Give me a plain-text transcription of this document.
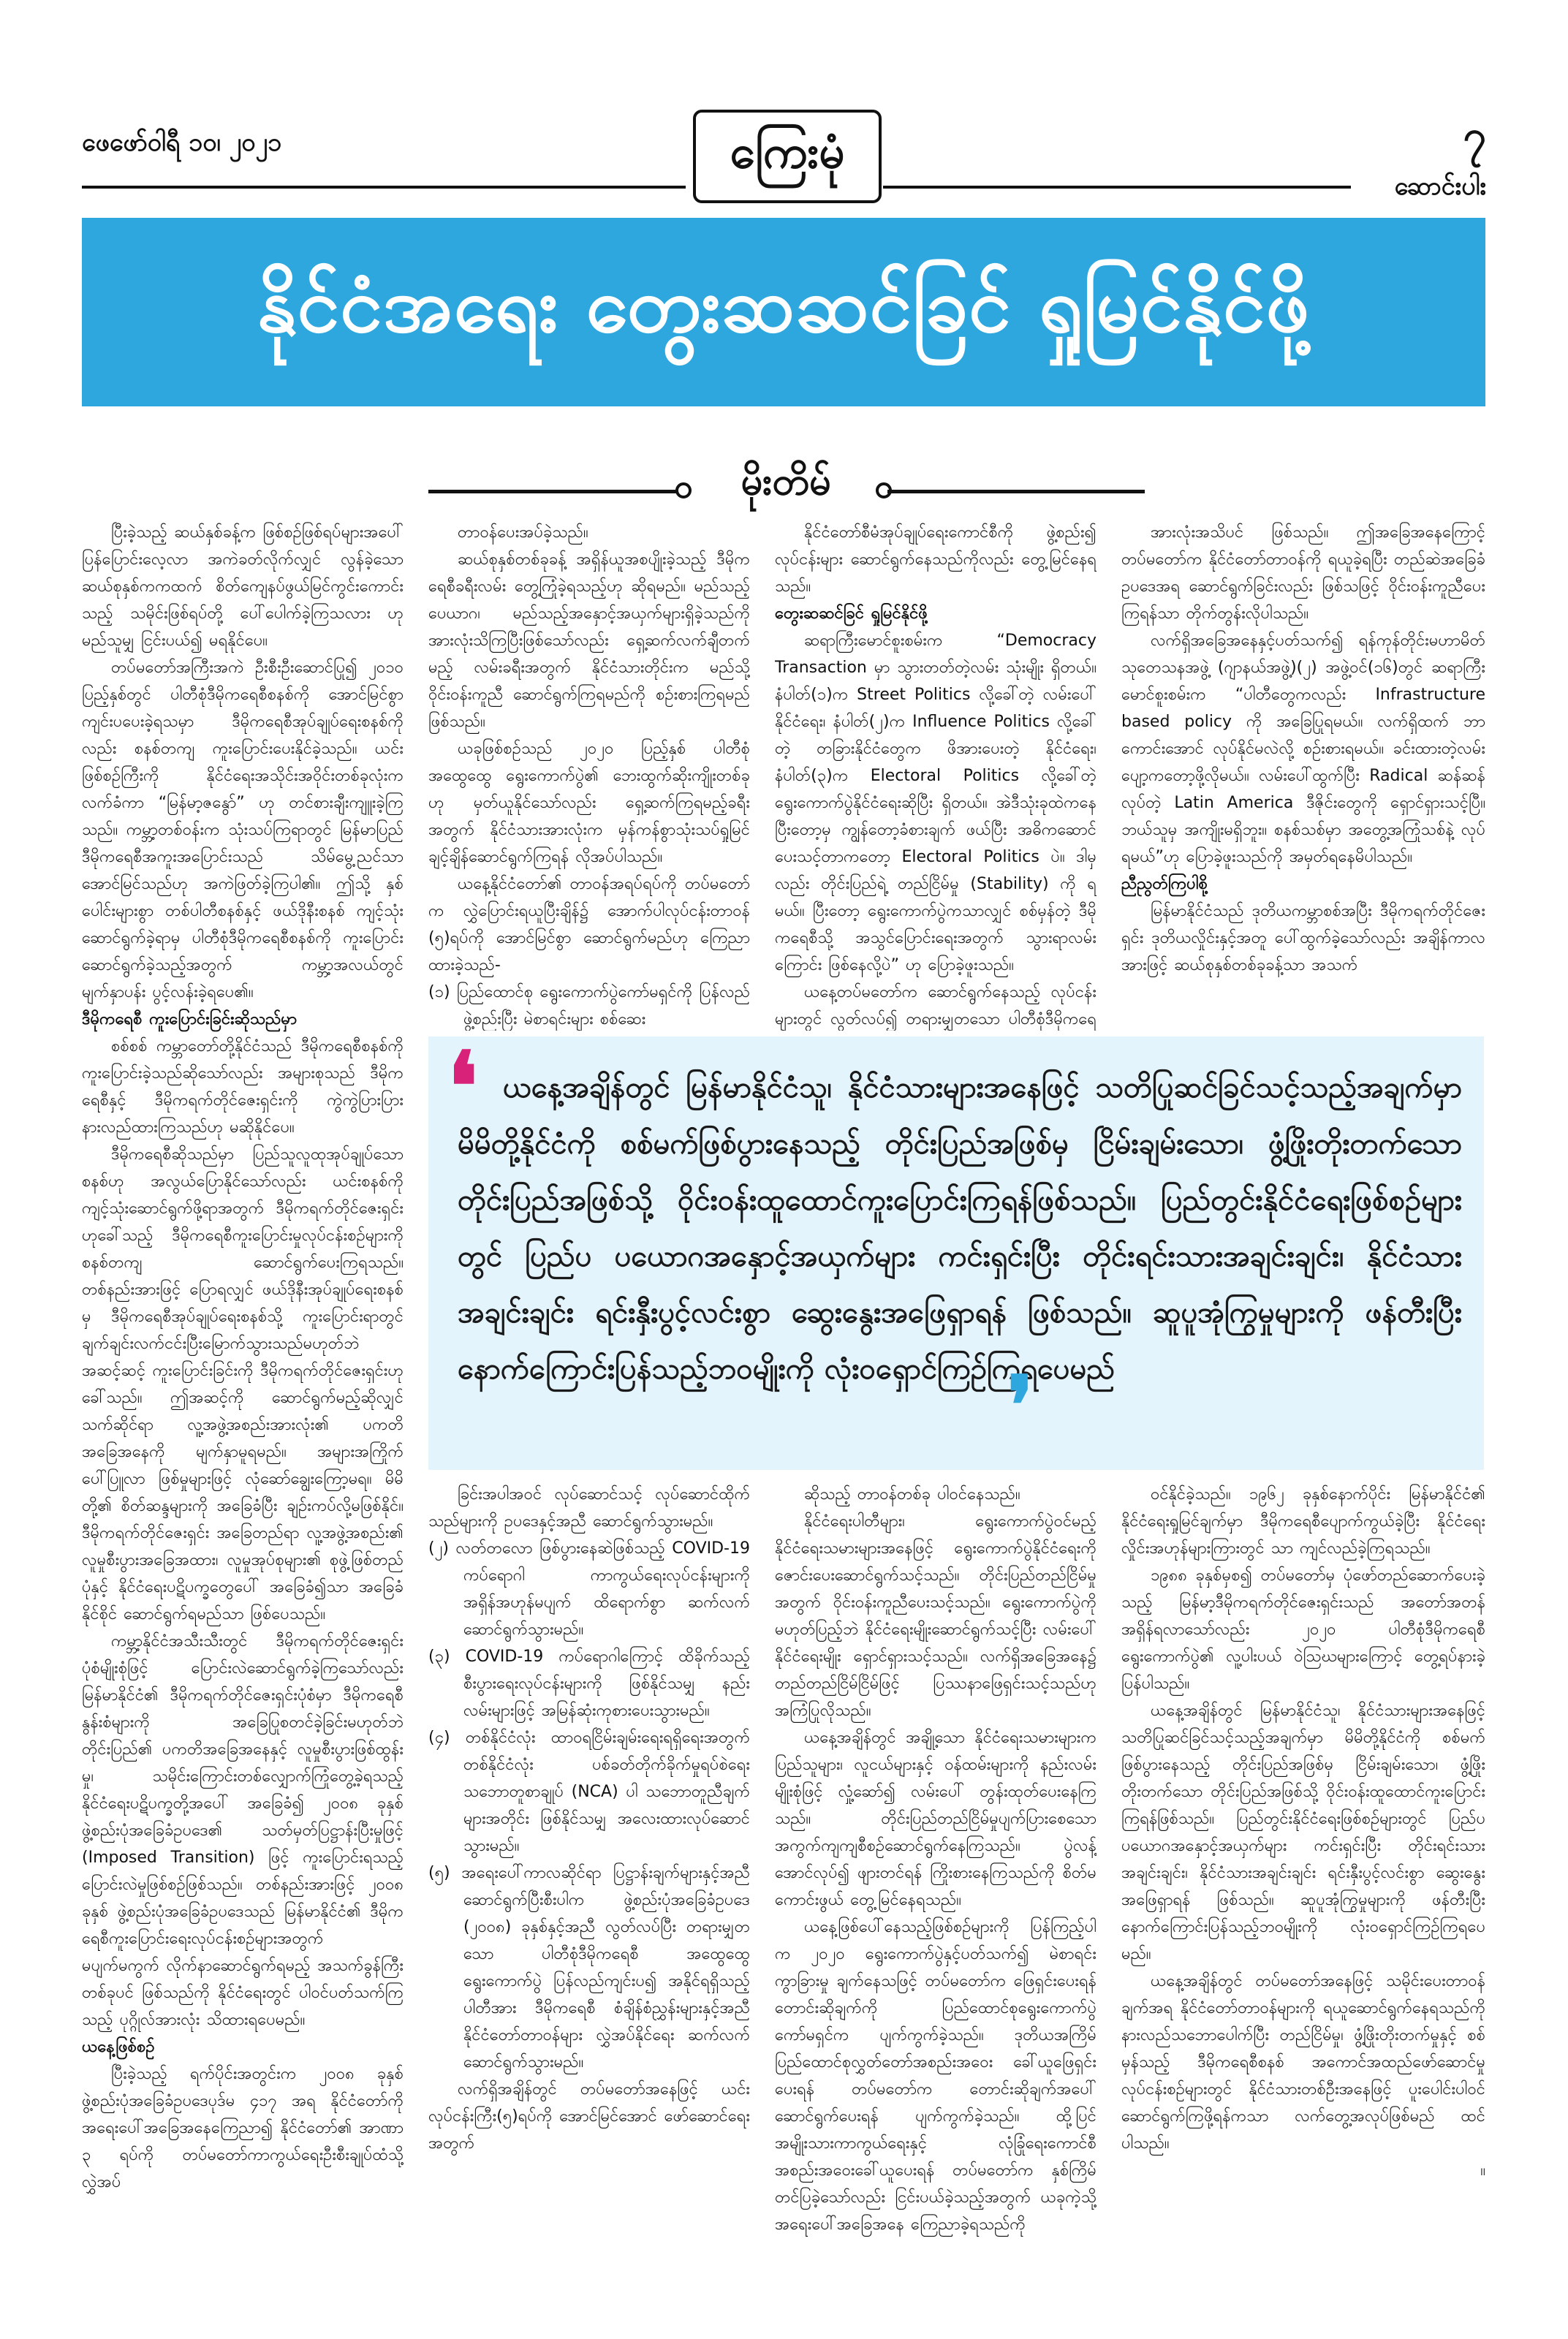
ဖေဖော်ဝါရီ ၁၀၊ ၂၀၂၁	ကြေးမုံ	၇
ဆောင်းပါး
နိုင်ငံအရေး တွေးဆဆင်ခြင် ရှုမြင်နိုင်ဖို့
မိုးတိမ်

ပြီးခဲ့သည့် ဆယ်နှစ်ခန့်က ဖြစ်စဉ်ဖြစ်ရပ်များအပေါ် ပြန်ပြောင်းလေ့လာ အကဲခတ်လိုက်လျှင် လွန်ခဲ့သော ဆယ်စုနှစ်ကကထက် စိတ်ကျေနပ်ဖွယ်မြင်ကွင်းကောင်းသည့် သမိုင်းဖြစ်ရပ်တို့ ပေါ်ပေါက်ခဲ့ကြသလား ဟု မည်သူမျှ ငြင်းပယ်၍ မရနိုင်ပေ။

တပ်မတော်အကြီးအကဲ ဦးစီးဦးဆောင်ပြု၍ ၂၀၁၀ ပြည့်နှစ်တွင် ပါတီစုံဒီမိုကရေစီစနစ်ကို အောင်မြင်စွာ ကျင်းပပေးခဲ့ရသမှာ ဒီမိုကရေစီအုပ်ချုပ်ရေးစနစ်ကိုလည်း စနစ်တကျ ကူးပြောင်းပေးနိုင်ခဲ့သည်။ ယင်းဖြစ်စဉ်ကြီးကို နိုင်ငံရေးအသိုင်းအဝိုင်းတစ်ခုလုံးက လက်ခံကာ “မြန်မာ့ဇနွော်” ဟု တင်စားချီးကျူးခဲ့ကြသည်။ ကမ္ဘာ့တစ်ဝန်းက သုံးသပ်ကြရာတွင် မြန်မာပြည် ဒီမိုကရေစီအကူးအပြောင်းသည် သိမ်မွေ့ညင်သာ အောင်မြင်သည်ဟု အကဲဖြတ်ခဲ့ကြပါ၏။ ဤသို့ နှစ်ပေါင်းများစွာ တစ်ပါတီစနစ်နှင့် ဖယ်ဒိုနီးစနစ် ကျင့်သုံးဆောင်ရွက်ခဲ့ရာမှ ပါတီစုံဒီမိုကရေစီစနစ်ကို ကူးပြောင်းဆောင်ရွက်ခဲ့သည့်အတွက် ကမ္ဘာ့အလယ်တွင် မျက်နှာပန်း ပွင့်လန်းခဲ့ရပေ၏။

ဒီမိုကရေစီ ကူးပြောင်းခြင်းဆိုသည်မှာ

စစ်စစ် ကမ္ဘာတော်တို့နိုင်ငံသည် ဒီမိုကရေစီစနစ်ကို ကူးပြောင်းခဲ့သည်ဆိုသော်လည်း အများစုသည် ဒီမိုကရေစီနှင့် ဒီမိုကရက်တိုင်ဇေးရှင်းကို ကွဲကွဲပြားပြား နားလည်ထားကြသည်ဟု မဆိုနိုင်ပေ။

ဒီမိုကရေစီဆိုသည်မှာ ပြည်သူလူထုအုပ်ချုပ်သော စနစ်ဟု အလွယ်ပြောနိုင်သော်လည်း ယင်းစနစ်ကို ကျင့်သုံးဆောင်ရွက်ဖို့ရာအတွက် ဒီမိုကရက်တိုင်ဇေးရှင်းဟုခေါ်သည့် ဒီမိုကရေစီကူးပြောင်းမှုလုပ်ငန်းစဉ်များကို စနစ်တကျ ဆောင်ရွက်ပေးကြရသည်။ တစ်နည်းအားဖြင့် ပြောရလျှင် ဖယ်ဒိုနီးအုပ်ချုပ်ရေးစနစ်မှ ဒီမိုကရေစီအုပ်ချုပ်ရေးစနစ်သို့ ကူးပြောင်းရာတွင် ချက်ချင်းလက်ငင်းပြီးမြောက်သွားသည်မဟုတ်ဘဲ အဆင့်ဆင့် ကူးပြောင်းခြင်းကို ဒီမိုကရက်တိုင်ဇေးရှင်းဟု ခေါ်သည်။ ဤအဆင့်ကို ဆောင်ရွက်မည့်ဆိုလျှင် သက်ဆိုင်ရာ လူ့အဖွဲ့အစည်းအားလုံး၏ ပကတိအခြေအနေကို မျက်နှာမူရမည်။ အများအကြိုက် ပေါ်ပြူလာ ဖြစ်မှုများဖြင့် လုံဆော်ချွေးကြော့မရ။ မိမိတို့၏ စိတ်ဆန္ဒများကို အခြေခံပြီး ချဉ်းကပ်လို့မဖြစ်နိုင်။ ဒီမိုကရက်တိုင်ဇေးရှင်း အခြေတည်ရာ လူ့အဖွဲ့အစည်း၏ လူမှုစီးပွားအခြေအထား၊ လူမှုအုပ်စုများ၏ စုဖွဲ့ဖြစ်တည်ပုံနှင့် နိုင်ငံရေးပဋိပက္ခတွေပေါ် အခြေခံ၍သာ အခြေခံနိုင်စိုင် ဆောင်ရွက်ရမည်သာ ဖြစ်ပေသည်။

ကမ္ဘာ့နိုင်ငံအသီးသီးတွင် ဒီမိုကရက်တိုင်ဇေးရှင်း ပုံစံမျိုးစုံဖြင့် ပြောင်းလဲဆောင်ရွက်ခဲ့ကြသော်လည်း မြန်မာနိုင်ငံ၏ ဒီမိုကရက်တိုင်ဇေးရှင်းပုံစံမှာ ဒီမိုကရေစီ နွန်းစံများကို အခြေပြုစတင်ခဲ့ခြင်းမဟုတ်ဘဲ တိုင်းပြည်၏ ပကတိအခြေအနေနှင့် လူမှုစီးပွားဖြစ်ထွန်းမှု၊ သမိုင်းကြောင်းတစ်လျှောက်ကြုံတွေ့ခဲ့ရသည့် နိုင်ငံရေးပဋိပက္ခတို့အပေါ် အခြေခံ၍ ၂၀၀၈ ခုနှစ် ဖွဲ့စည်းပုံအခြေခံဥပဒေ၏ သတ်မှတ်ပြဋ္ဌာန်းပြီးမှုဖြင့် (Imposed Transition) ဖြင့် ကူးပြောင်းရသည့်ပြောင်းလဲမှုဖြစ်စဉ်ဖြစ်သည်။ တစ်နည်းအားဖြင့် ၂၀၀၈ ခုနှစ် ဖွဲ့စည်းပုံအခြေခံဥပဒေသည် မြန်မာနိုင်ငံ၏ ဒီမိုကရေစီကူးပြောင်းရေးလုပ်ငန်းစဉ်များအတွက် မပျက်မကွက် လိုက်နာဆောင်ရွက်ရမည့် အသက်ခွန်ကြီးတစ်ခုပင် ဖြစ်သည်ကို နိုင်ငံရေးတွင် ပါဝင်ပတ်သက်ကြသည့် ပုဂ္ဂိုလ်အားလုံး သိထားရပေမည်။

ယနေ့ဖြစ်စဉ်

ပြီးခဲ့သည့် ရက်ပိုင်းအတွင်းက ၂၀၀၈ ခုနှစ် ဖွဲ့စည်းပုံအခြေခံဥပဒေပုဒ်မ ၄၁၇ အရ နိုင်ငံတော်ကို အရေးပေါ်အခြေအနေကြေညာ၍ နိုင်ငံတော်၏ အာဏာ ၃ ရပ်ကို တပ်မတော်ကာကွယ်ရေးဦးစီးချုပ်ထံသို့ လွှဲအပ်

တာဝန်ပေးအပ်ခဲ့သည်။

ဆယ်စုနှစ်တစ်ခုခန့် အရှိန်ယူအစပျိုးခဲ့သည့် ဒီမိုကရေစီခရီးလမ်း တွေ့ကြုံခဲ့ရသည့်ဟု ဆိုရမည်။ မည်သည့်ပေယာဂ၊ မည်သည့်အနှောင့်အယှက်များရှိခဲ့သည်ကို အားလုံးသိကြပြီးဖြစ်သော်လည်း ရှေ့ဆက်လက်ချီတက်မည့် လမ်းခရီးအတွက် နိုင်ငံသားတိုင်းက မည်သို့ ဝိုင်းဝန်းကူညီ ဆောင်ရွက်ကြရမည်ကို စဉ်းစားကြရမည် ဖြစ်သည်။

ယခုဖြစ်စဉ်သည် ၂၀၂၀ ပြည့်နှစ် ပါတီစုံအထွေထွေ ရွေးကောက်ပွဲ၏ ဘေးထွက်ဆိုးကျိုးတစ်ခုဟု မှတ်ယူနိုင်သော်လည်း ရှေ့ဆက်ကြရမည့်ခရီးအတွက် နိုင်ငံသားအားလုံးက မှန်ကန်စွာသုံးသပ်ရှုမြင် ချင့်ချိန်ဆောင်ရွက်ကြရန် လိုအပ်ပါသည်။

ယနေ့နိုင်ငံတော်၏ တာဝန်အရပ်ရပ်ကို တပ်မတော်က လွှဲပြောင်းရယူပြီးချိန်၌ အောက်ပါလုပ်ငန်းတာဝန် (၅)ရပ်ကို အောင်မြင်စွာ ဆောင်ရွက်မည်ဟု ကြေညာထားခဲ့သည်-

(၁) ပြည်ထောင်စု ရွေးကောက်ပွဲကော်မရှင်ကို ပြန်လည်ဖွဲ့စည်းပြီး မဲစာရင်းများ စစ်ဆေး

နိုင်ငံတော်စီမံအုပ်ချုပ်ရေးကောင်စီကို ဖွဲ့စည်း၍ လုပ်ငန်းများ ဆောင်ရွက်နေသည်ကိုလည်း တွေ့မြင်နေရသည်။

တွေးဆဆင်ခြင် ရှုမြင်နိုင်ဖို့

ဆရာကြီးမောင်စူးစမ်းက “Democracy Transaction မှာ သွားတတ်တဲ့လမ်း သုံးမျိုး ရှိတယ်။ နံပါတ်(၁)က Street Politics လို့ခေါ်တဲ့ လမ်းပေါ်နိုင်ငံရေး၊ နံပါတ်(၂)က Influence Politics လို့ခေါ်တဲ့ တခြားနိုင်ငံတွေက ဖိအားပေးတဲ့ နိုင်ငံရေး၊ နံပါတ်(၃)က Electoral Politics လို့ခေါ်တဲ့ ရွေးကောက်ပွဲနိုင်ငံရေးဆိုပြီး ရှိတယ်။ အဲဒီသုံးခုထဲကနေပြီးတော့မှ ကျွန်တော့ခံစားချက် ဖယ်ပြီး အဓိကဆောင်ပေးသင့်တာကတော့ Electoral Politics ပဲ။ ဒါမှလည်း တိုင်းပြည်ရဲ့ တည်ငြိမ်မှု (Stability) ကို ရမယ်။ ပြီးတော့ ရွေးကောက်ပွဲကသာလျှင် စစ်မှန်တဲ့ ဒီမိုကရေစီသို့ အသွင်ပြောင်းရေးအတွက် သွားရာလမ်းကြောင်း ဖြစ်နေလို့ပဲ” ဟု ပြောခဲ့ဖူးသည်။

ယနေ့တပ်မတော်က ဆောင်ရွက်နေသည့် လုပ်ငန်းများတွင် လွတ်လပ်၍ တရားမျှတသော ပါတီစုံဒီမိုကရေ

အားလုံးအသိပင် ဖြစ်သည်။ ဤအခြေအနေကြောင့် တပ်မတော်က နိုင်ငံတော်တာဝန်ကို ရယူခဲ့ရပြီး တည်ဆဲအခြေခံဥပဒေအရ ဆောင်ရွက်ခြင်းလည်း ဖြစ်သဖြင့် ဝိုင်းဝန်းကူညီပေးကြရန်သာ တိုက်တွန်းလိုပါသည်။

လက်ရှိအခြေအနေနှင့်ပတ်သက်၍ ရန်ကုန်တိုင်းမဟာမိတ်သုတေသနအဖွဲ့ (ဂျာနယ်အဖွဲ့)(၂) အဖွဲ့ဝင်(၁၆)တွင် ဆရာကြီးမောင်စူးစမ်းက “ပါတီတွေကလည်း Infrastructure based policy ကို အခြေပြုရမယ်။ လက်ရှိထက် ဘာကောင်းအောင် လုပ်နိုင်မလဲလို့ စဉ်းစားရမယ်။ ခင်းထားတဲ့လမ်းပျော့ကတော့ဖို့လိုမယ်။ လမ်းပေါ်ထွက်ပြီး Radical ဆန်ဆန်လုပ်တဲ့ Latin America ဒီဇိုင်းတွေကို ရှောင်ရှားသင့်ပြီ။ ဘယ်သူမှ အကျိုးမရှိဘူး။ စနစ်သစ်မှာ အတွေ့အကြုံသစ်နဲ့ လုပ်ရမယ်”ဟု ပြောခဲ့ဖူးသည်ကို အမှတ်ရနေမိပါသည်။

ညီညွတ်ကြပါစို့

မြန်မာနိုင်ငံသည် ဒုတိယကမ္ဘာစစ်အပြီး ဒီမိုကရက်တိုင်ဇေးရှင်း ဒုတိယလှိုင်းနှင့်အတူ ပေါ်ထွက်ခဲ့သော်လည်း အချိန်ကာလအားဖြင့် ဆယ်စုနှစ်တစ်ခုခန့်သာ အသက်

❛ ယနေ့အချိန်တွင် မြန်မာနိုင်ငံသူ၊ နိုင်ငံသားများအနေဖြင့် သတိပြုဆင်ခြင်သင့်သည့်အချက်မှာ မိမိတို့နိုင်ငံကို စစ်မက်ဖြစ်ပွားနေသည့် တိုင်းပြည်အဖြစ်မှ ငြိမ်းချမ်းသော၊ ဖွံ့ဖြိုးတိုးတက်သော တိုင်းပြည်အဖြစ်သို့ ဝိုင်းဝန်းထူထောင်ကူးပြောင်းကြရန်ဖြစ်သည်။ ပြည်တွင်းနိုင်ငံရေးဖြစ်စဉ်များတွင် ပြည်ပ ပယောဂအနှောင့်အယှက်များ ကင်းရှင်းပြီး တိုင်းရင်းသားအချင်းချင်း၊ နိုင်ငံသားအချင်းချင်း ရင်းနှီးပွင့်လင်းစွာ ဆွေးနွေးအဖြေရှာရန် ဖြစ်သည်။ ဆူပူအုံကြွမှုများကို ဖန်တီးပြီး နောက်ကြောင်းပြန်သည့်ဘဝမျိုးကို လုံးဝရှောင်ကြဉ်ကြရပေမည်
❜

ခြင်းအပါအဝင် လုပ်ဆောင်သင့် လုပ်ဆောင်ထိုက်သည်များကို ဥပဒေနှင့်အညီ ဆောင်ရွက်သွားမည်။

(၂) လတ်တလော ဖြစ်ပွားနေဆဲဖြစ်သည့် COVID-19 ကပ်ရောဂါ ကာကွယ်ရေးလုပ်ငန်းများကို အရှိန်အဟုန်မပျက် ထိရောက်စွာ ဆက်လက်ဆောင်ရွက်သွားမည်။

(၃) COVID-19 ကပ်ရောဂါကြောင့် ထိခိုက်သည့် စီးပွားရေးလုပ်ငန်းများကို ဖြစ်နိုင်သမျှ နည်းလမ်းများဖြင့် အမြန်ဆုံးကုစားပေးသွားမည်။

(၄) တစ်နိုင်ငံလုံး ထာဝရငြိမ်းချမ်းရေးရရှိရေးအတွက် တစ်နိုင်ငံလုံး ပစ်ခတ်တိုက်ခိုက်မှုရပ်စဲရေးသဘောတူစာချုပ် (NCA) ပါ သဘောတူညီချက်များအတိုင်း ဖြစ်နိုင်သမျှ အလေးထားလုပ်ဆောင်သွားမည်။

(၅) အရေးပေါ်ကာလဆိုင်ရာ ပြဋ္ဌာန်းချက်များနှင့်အညီ ဆောင်ရွက်ပြီးစီးပါက ဖွဲ့စည်းပုံအခြေခံဥပဒေ (၂၀၀၈) ခုနှစ်နှင့်အညီ လွတ်လပ်ပြီး တရားမျှတသော ပါတီစုံဒီမိုကရေစီ အထွေထွေ ရွေးကောက်ပွဲ ပြန်လည်ကျင်းပ၍ အနိုင်ရရှိသည့် ပါတီအား ဒီမိုကရေစီ စံချိန်စံညွှန်းများနှင့်အညီ နိုင်ငံတော်တာဝန်များ လွှဲအပ်နိုင်ရေး ဆက်လက်ဆောင်ရွက်သွားမည်။

လက်ရှိအချိန်တွင် တပ်မတော်အနေဖြင့် ယင်းလုပ်ငန်းကြီး(၅)ရပ်ကို အောင်မြင်အောင် ဖော်ဆောင်ရေးအတွက်

ဆိုသည့် တာဝန်တစ်ခု ပါဝင်နေသည်။

နိုင်ငံရေးပါတီများ၊ ရွေးကောက်ပွဲဝင်မည့် နိုင်ငံရေးသမားများအနေဖြင့် ရွေးကောက်ပွဲနိုင်ငံရေးကို ဇောင်းပေးဆောင်ရွက်သင့်သည်။ တိုင်းပြည်တည်ငြိမ်မှုအတွက် ဝိုင်းဝန်းကူညီပေးသင့်သည်။ ရွေးကောက်ပွဲကို မဟုတ်ပြည့်ဘဲ နိုင်ငံရေးမျိုးဆောင်ရွက်သင့်ပြီး လမ်းပေါ်နိုင်ငံရေးမျိုး ရှောင်ရှားသင့်သည်။ လက်ရှိအခြေအနေ၌ တည်တည်ငြိမ်ငြိမ်ဖြင့် ပြဿနာဖြေရှင်းသင့်သည်ဟု အကြံပြုလိုသည်။

ယနေ့အချိန်တွင် အချို့သော နိုင်ငံရေးသမားများက ပြည်သူများ၊ လူငယ်များနှင့် ဝန်ထမ်းများကို နည်းလမ်းမျိုးစုံဖြင့် လှုံ့ဆော်၍ လမ်းပေါ် တွန်းထုတ်ပေးနေကြသည်။ တိုင်းပြည်တည်ငြိမ်မှုပျက်ပြားစေသော အကွက်ကျကျစီစဉ်ဆောင်ရွက်နေကြသည်။ ပွဲလန့်အောင်လုပ်၍ ဖျားတင်ရန် ကြိုးစားနေကြသည်ကို စိတ်မကောင်းဖွယ် တွေ့မြင်နေရသည်။

ယနေ့ဖြစ်ပေါ်နေသည့်ဖြစ်စဉ်များကို ပြန်ကြည့်ပါက ၂၀၂၀ ရွေးကောက်ပွဲနှင့်ပတ်သက်၍ မဲစာရင်းကွာခြားမှု ချက်နေသဖြင့် တပ်မတော်က ဖြေရှင်းပေးရန် တောင်းဆိုချက်ကို ပြည်ထောင်စုရွေးကောက်ပွဲကော်မရှင်က ပျက်ကွက်ခဲ့သည်။ ဒုတိယအကြိမ်ပြည်ထောင်စုလွှတ်တော်အစည်းအဝေး ခေါ်ယူဖြေရှင်းပေးရန် တပ်မတော်က တောင်းဆိုချက်အပေါ် ဆောင်ရွက်ပေးရန် ပျက်ကွက်ခဲ့သည်။ ထို့ပြင် အမျိုးသားကာကွယ်ရေးနှင့် လုံခြုံရေးကောင်စီ အစည်းအဝေးခေါ်ယူပေးရန် တပ်မတော်က နှစ်ကြိမ် တင်ပြခဲ့သော်လည်း ငြင်းပယ်ခဲ့သည့်အတွက် ယခုကဲ့သို့ အရေးပေါ်အခြေအနေ ကြေညာခဲ့ရသည်ကို

ဝင်နိုင်ခဲ့သည်။ ၁၉၆၂ ခုနှစ်နောက်ပိုင်း မြန်မာနိုင်ငံ၏ နိုင်ငံရေးရှုမြင်ချက်မှာ ဒီမိုကရေစီပျောက်ကွယ်ခဲ့ပြီး နိုင်ငံရေး လှိုင်းအဟုန်များကြားတွင် သာ ကျင်လည်ခဲ့ကြရသည်။

၁၉၈၈ ခုနှစ်မှစ၍ တပ်မတော်မှ ပုံဖော်တည်ဆောက်ပေးခဲ့သည့် မြန်မာ့ဒီမိုကရက်တိုင်ဇေးရှင်းသည် အတော်အတန် အရှိန်ရလာသော်လည်း ၂၀၂၀ ပါတီစုံဒီမိုကရေစီ ရွေးကောက်ပွဲ၏ လူ့ပါးပယ် ဝဲဩဃများကြောင့် တွေ့ရပ်နားခဲ့ပြန်ပါသည်။

ယနေ့အချိန်တွင် မြန်မာနိုင်ငံသူ၊ နိုင်ငံသားများအနေဖြင့် သတိပြုဆင်ခြင်သင့်သည့်အချက်မှာ မိမိတို့နိုင်ငံကို စစ်မက်ဖြစ်ပွားနေသည့် တိုင်းပြည်အဖြစ်မှ ငြိမ်းချမ်းသော၊ ဖွံ့ဖြိုးတိုးတက်သော တိုင်းပြည်အဖြစ်သို့ ဝိုင်းဝန်းထူထောင်ကူးပြောင်းကြရန်ဖြစ်သည်။ ပြည်တွင်းနိုင်ငံရေးဖြစ်စဉ်များတွင် ပြည်ပ ပယောဂအနှောင့်အယှက်များ ကင်းရှင်းပြီး တိုင်းရင်းသားအချင်းချင်း၊ နိုင်ငံသားအချင်းချင်း ရင်းနှီးပွင့်လင်းစွာ ဆွေးနွေးအဖြေရှာရန် ဖြစ်သည်။ ဆူပူအုံကြွမှုများကို ဖန်တီးပြီး နောက်ကြောင်းပြန်သည့်ဘဝမျိုးကို လုံးဝရှောင်ကြဉ်ကြရပေမည်။

ယနေ့အချိန်တွင် တပ်မတော်အနေဖြင့် သမိုင်းပေးတာဝန်ချက်အရ နိုင်ငံတော်တာဝန်များကို ရယူဆောင်ရွက်နေရသည်ကို နားလည်သဘောပေါက်ပြီး တည်ငြိမ်မှု၊ ဖွံ့ဖြိုးတိုးတက်မှုနှင့် စစ်မှန်သည့် ဒီမိုကရေစီစနစ် အကောင်အထည်ဖော်ဆောင်မှု လုပ်ငန်းစဉ်များတွင် နိုင်ငံသားတစ်ဦးအနေဖြင့် ပူးပေါင်းပါဝင် ဆောင်ရွက်ကြဖို့ရန်ကသာ လက်တွေ့အလုပ်ဖြစ်မည် ထင်ပါသည်။

။
